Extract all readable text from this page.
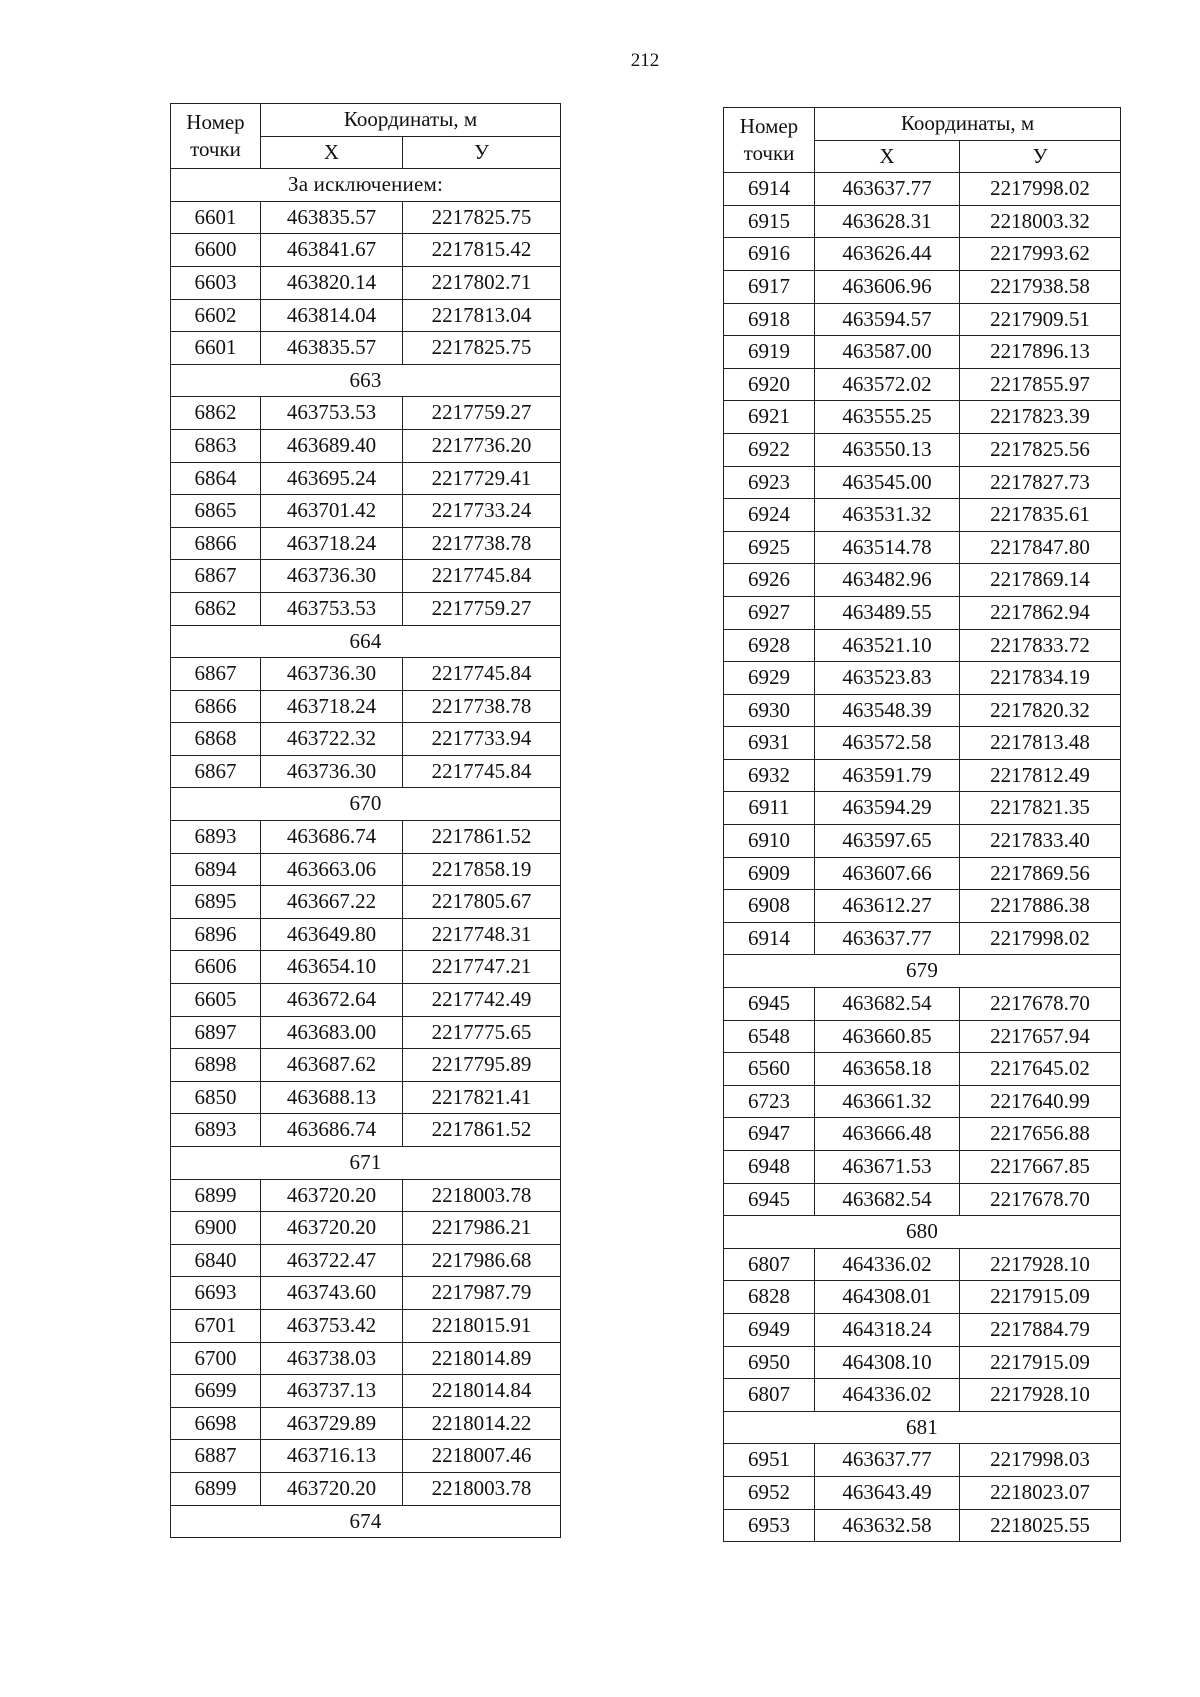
212
Номер
точки	Координаты, м	
	Х	У
За исключением:		
6601	463835.57	2217825.75
6600	463841.67	2217815.42
6603	463820.14	2217802.71
6602	463814.04	2217813.04
6601	463835.57	2217825.75
663		
6862	463753.53	2217759.27
6863	463689.40	2217736.20
6864	463695.24	2217729.41
6865	463701.42	2217733.24
6866	463718.24	2217738.78
6867	463736.30	2217745.84
6862	463753.53	2217759.27
664		
6867	463736.30	2217745.84
6866	463718.24	2217738.78
6868	463722.32	2217733.94
6867	463736.30	2217745.84
670		
6893	463686.74	2217861.52
6894	463663.06	2217858.19
6895	463667.22	2217805.67
6896	463649.80	2217748.31
6606	463654.10	2217747.21
6605	463672.64	2217742.49
6897	463683.00	2217775.65
6898	463687.62	2217795.89
6850	463688.13	2217821.41
6893	463686.74	2217861.52
671		
6899	463720.20	2218003.78
6900	463720.20	2217986.21
6840	463722.47	2217986.68
6693	463743.60	2217987.79
6701	463753.42	2218015.91
6700	463738.03	2218014.89
6699	463737.13	2218014.84
6698	463729.89	2218014.22
6887	463716.13	2218007.46
6899	463720.20	2218003.78
674		
Номер
точки	Координаты, м	
	Х	У
6914	463637.77	2217998.02
6915	463628.31	2218003.32
6916	463626.44	2217993.62
6917	463606.96	2217938.58
6918	463594.57	2217909.51
6919	463587.00	2217896.13
6920	463572.02	2217855.97
6921	463555.25	2217823.39
6922	463550.13	2217825.56
6923	463545.00	2217827.73
6924	463531.32	2217835.61
6925	463514.78	2217847.80
6926	463482.96	2217869.14
6927	463489.55	2217862.94
6928	463521.10	2217833.72
6929	463523.83	2217834.19
6930	463548.39	2217820.32
6931	463572.58	2217813.48
6932	463591.79	2217812.49
6911	463594.29	2217821.35
6910	463597.65	2217833.40
6909	463607.66	2217869.56
6908	463612.27	2217886.38
6914	463637.77	2217998.02
679		
6945	463682.54	2217678.70
6548	463660.85	2217657.94
6560	463658.18	2217645.02
6723	463661.32	2217640.99
6947	463666.48	2217656.88
6948	463671.53	2217667.85
6945	463682.54	2217678.70
680		
6807	464336.02	2217928.10
6828	464308.01	2217915.09
6949	464318.24	2217884.79
6950	464308.10	2217915.09
6807	464336.02	2217928.10
681		
6951	463637.77	2217998.03
6952	463643.49	2218023.07
6953	463632.58	2218025.55
